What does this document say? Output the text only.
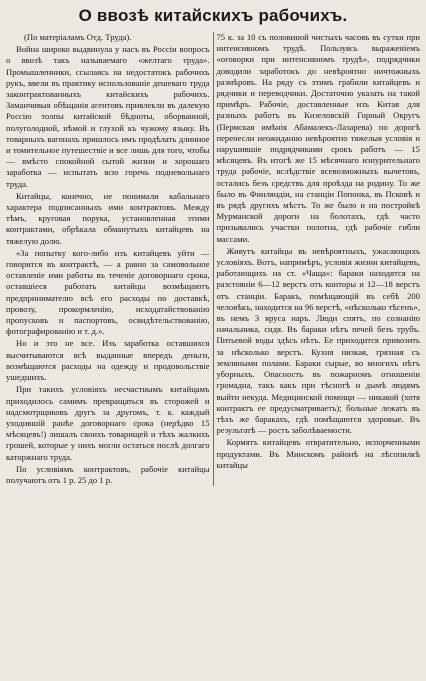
О ввозѣ китайскихъ рабочихъ.

(По матеріаламъ Отд. Труда).

Война широко выдвинула у насъ въ Россіи вопросъ о ввозѣ такъ называемаго «желтаго труда». Промышленники, ссылаясь на недостатокъ рабочихъ рукъ, ввели въ практику использованіе дешеваго труда законтрактованныхъ китайскихъ рабочихъ. Заманчивыя обѣщанія агентовъ привлекли въ далекую Россію толпы китайской бѣдноты, оборванной, полуголодной, нѣмой и глухой къ чужому языку. Въ товарныхъ вагонахъ пришлось имъ продѣлать длинное и томительное путешествіе и все лишь для того, чтобы — вмѣсто спокойной сытой жизни и хорошаго заработка — испытать всю горечь подневольнаго труда.

Китайцы, конечно, не понимали кабальнаго характера подписанныхъ ими контрактовъ. Между тѣмъ, круговая порука, установленная этими контрактами, обрѣкала обманутыхъ китайцевъ на тяжелую долю.

«За попытку кого-либо изъ китайцевъ уйти — говорится въ контрактѣ, — а равно за самовольное оставленіе ими работы въ теченіе договорнаго срока, оставшіеся работать китайцы возмѣщаютъ предпринимателю всѣ его расходы по доставкѣ, провозу, прокормленію, исходатайствованію пропусковъ и паспортовъ, освидѣтельствованію, фотографированію и т. д.».

Но и это не все. Изъ заработка оставшихся высчитываются всѣ выданные впередъ деньги, возмѣщаются расходы на одежду и продовольствіе ушедшихъ.

При такихъ условіяхъ несчастнымъ китайцамъ приходилось самимъ превращаться въ сторожей и надсмотрщиковъ другъ за другомъ, т. к. каждый уходившій ранѣе договорнаго срока (нерѣдко 15 мѣсяцевъ!) лишалъ своихъ товарищей и тѣхъ жалкихъ грошей, которые у нихъ могли остаться послѣ долгаго каторжнаго труда.

По условіямъ контрактовъ, рабочіе китайцы получаютъ отъ 1 р. 25 до 1 р.

75 к. за 10 съ половиной чистыхъ часовъ въ сутки при интенсивномъ трудѣ. Пользуясь выраженіемъ «оговорки при интенсивномъ трудѣ», подрядчики доводили заработокъ до невѣроятно ничтожныхъ размѣровъ. На ряду съ этимъ грабили китайцевъ и рядчики и переводчики. Достаточно указать на такой примѣръ. Рабочіе, доставленные изъ Китая для разныхъ работъ въ Кизеловскій Горный Округъ (Пермская имѣнія Абамалекъ-Лазарева) по дорогѣ перенесли неожиданно невѣроятно тяжелыя условія и нарушившіе подрядчиками срокъ работъ — 15 мѣсяцевъ. Въ итогѣ же 15 мѣсячнаго изнурительнаго труда рабочіе, вслѣдствіе всевозможныхъ вычетовъ, остались безъ средствъ для проѣзда на родину. То же было въ Финляндіи, на станціи Попонка, въ Псковѣ и въ рядѣ другихъ мѣстъ. То же было и на постройкѣ Мурманской дороги на болотахъ, гдѣ часто призывались участки полотна, гдѣ рабочіе гибли массами.

Живутъ китайцы въ невѣроятныхъ, ужасающихъ условіяхъ. Вотъ, напримѣръ, условія жизни китайцевъ, работающихъ на ст. «Чаща»: бараки находятся на разстояніи 6—12 верстъ отъ конторы и 12—18 верстъ отъ станціи. Баракъ, помѣщающій въ себѣ 200 человѣкъ, находится на 96 верстѣ, «нѣсколько тѣсенъ», въ немъ 3 яруса наръ. Люди спятъ, по сознанію начальника, сидя. Въ бараки нѣтъ печей безъ трубъ. Питьевой воды здѣсь нѣтъ. Ее приходится привозить за нѣсколько верстъ. Кухня низкая, грязная съ земляными полами. Бараки сырые, во многихъ нѣтъ уборныхъ. Опасность въ пожарномъ отношеніи громадна, такъ какъ при тѣснотѣ и дымѣ людямъ выйти некуда. Медицинской помощи — никакой (хотя контрактъ ее предусматриваетъ); больные лежатъ въ тѣхъ же баракахъ, гдѣ помѣщаются здоровые. Въ результатѣ — ростъ заболѣваемости.

Кормятъ китайцевъ отвратительно, испорченными продуктами. Въ Минскомъ районѣ на лѣсопилкѣ китайцы
